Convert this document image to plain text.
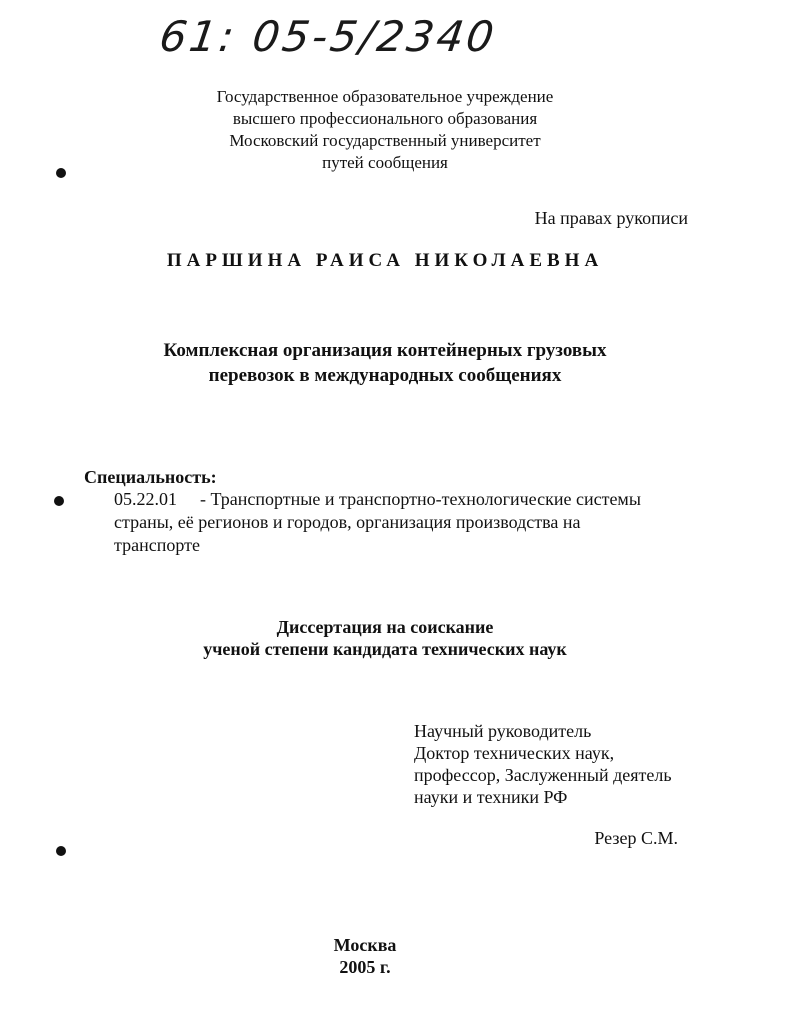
61: 05-5/2340
Государственное образовательное учреждение
высшего профессионального образования
Московский государственный университет
путей сообщения
На правах рукописи
ПАРШИНА РАИСА НИКОЛАЕВНА
Комплексная организация контейнерных грузовых
перевозок в международных сообщениях
Специальность:
05.22.01 - Транспортные и транспортно-технологические системы
страны, её регионов и городов, организация производства на
транспорте
Диссертация на соискание
ученой степени кандидата технических наук
Научный руководитель
Доктор технических наук,
профессор, Заслуженный деятель
науки и техники РФ
Резер С.М.
Москва
2005 г.
